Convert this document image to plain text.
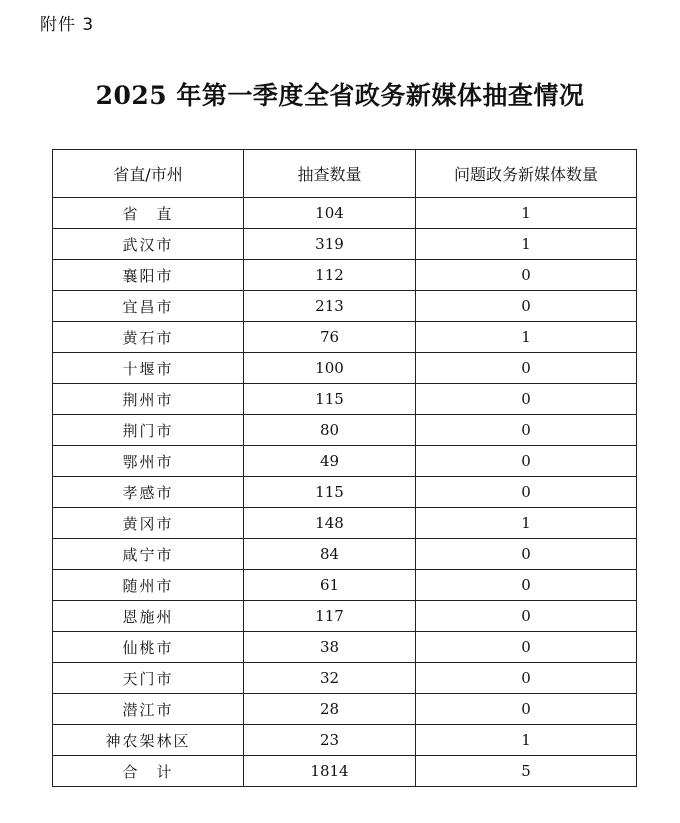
附件 3
2025 年第一季度全省政务新媒体抽查情况
省直/市州	抽查数量	问题政务新媒体数量
省　直	104	1
武汉市	319	1
襄阳市	112	0
宜昌市	213	0
黄石市	76	1
十堰市	100	0
荆州市	115	0
荆门市	80	0
鄂州市	49	0
孝感市	115	0
黄冈市	148	1
咸宁市	84	0
随州市	61	0
恩施州	117	0
仙桃市	38	0
天门市	32	0
潜江市	28	0
神农架林区	23	1
合　计	1814	5
